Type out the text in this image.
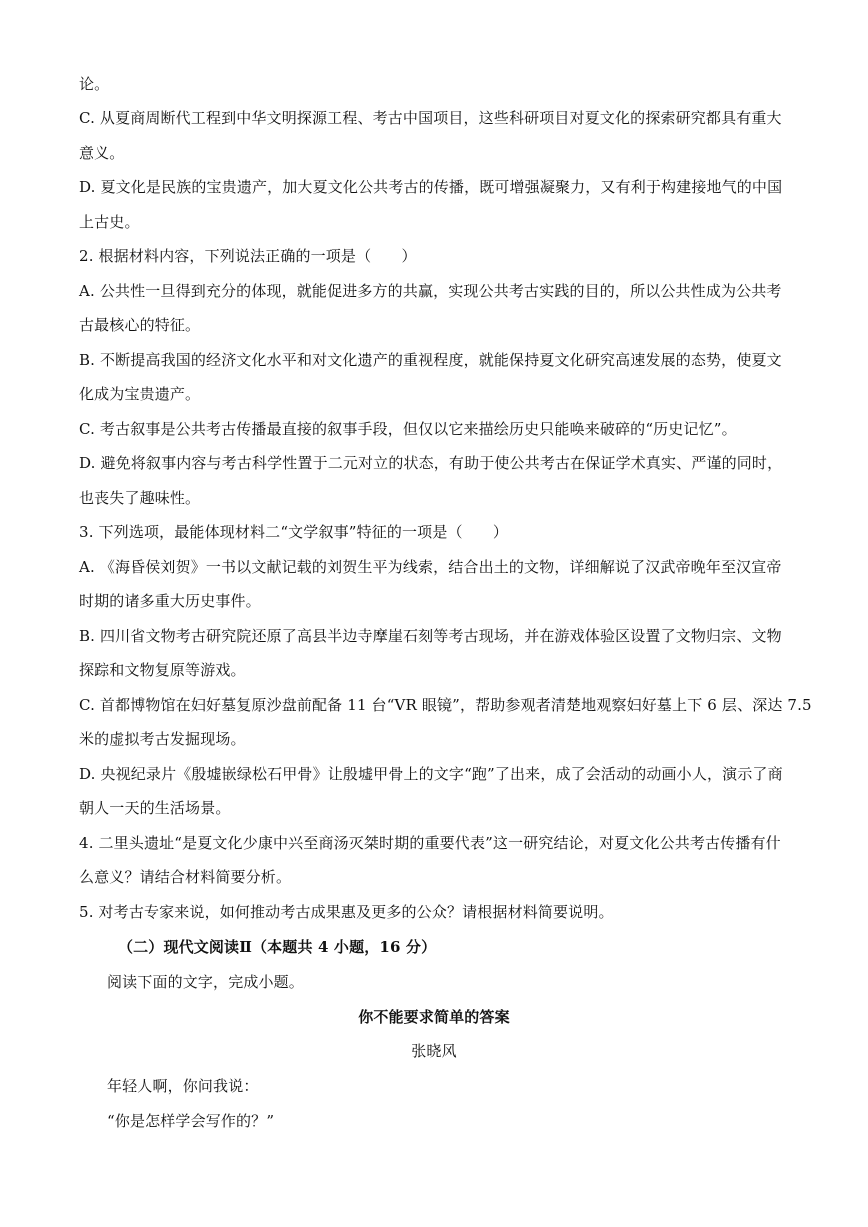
论。
C. 从夏商周断代工程到中华文明探源工程、考古中国项目，这些科研项目对夏文化的探索研究都具有重大
意义。
D. 夏文化是民族的宝贵遗产，加大夏文化公共考古的传播，既可增强凝聚力，又有利于构建接地气的中国
上古史。
2. 根据材料内容，下列说法正确的一项是（　　）
A. 公共性一旦得到充分的体现，就能促进多方的共赢，实现公共考古实践的目的，所以公共性成为公共考
古最核心的特征。
B. 不断提高我国的经济文化水平和对文化遗产的重视程度，就能保持夏文化研究高速发展的态势，使夏文
化成为宝贵遗产。
C. 考古叙事是公共考古传播最直接的叙事手段，但仅以它来描绘历史只能唤来破碎的“历史记忆”。
D. 避免将叙事内容与考古科学性置于二元对立的状态，有助于使公共考古在保证学术真实、严谨的同时，
也丧失了趣味性。
3. 下列选项，最能体现材料二“文学叙事”特征的一项是（　　）
A. 《海昏侯刘贺》一书以文献记载的刘贺生平为线索，结合出土的文物，详细解说了汉武帝晚年至汉宣帝
时期的诸多重大历史事件。
B. 四川省文物考古研究院还原了高县半边寺摩崖石刻等考古现场，并在游戏体验区设置了文物归宗、文物
探踪和文物复原等游戏。
C. 首都博物馆在妇好墓复原沙盘前配备 11 台“VR 眼镜”，帮助参观者清楚地观察妇好墓上下 6 层、深达 7.5
米的虚拟考古发掘现场。
D. 央视纪录片《殷墟嵌绿松石甲骨》让殷墟甲骨上的文字“跑”了出来，成了会活动的动画小人，演示了商
朝人一天的生活场景。
4. 二里头遗址“是夏文化少康中兴至商汤灭桀时期的重要代表”这一研究结论，对夏文化公共考古传播有什
么意义？请结合材料简要分析。
5. 对考古专家来说，如何推动考古成果惠及更多的公众？请根据材料简要说明。
（二）现代文阅读Ⅱ（本题共 4 小题，16 分）
阅读下面的文字，完成小题。
你不能要求简单的答案
张晓风
年轻人啊，你问我说：
“你是怎样学会写作的？”
